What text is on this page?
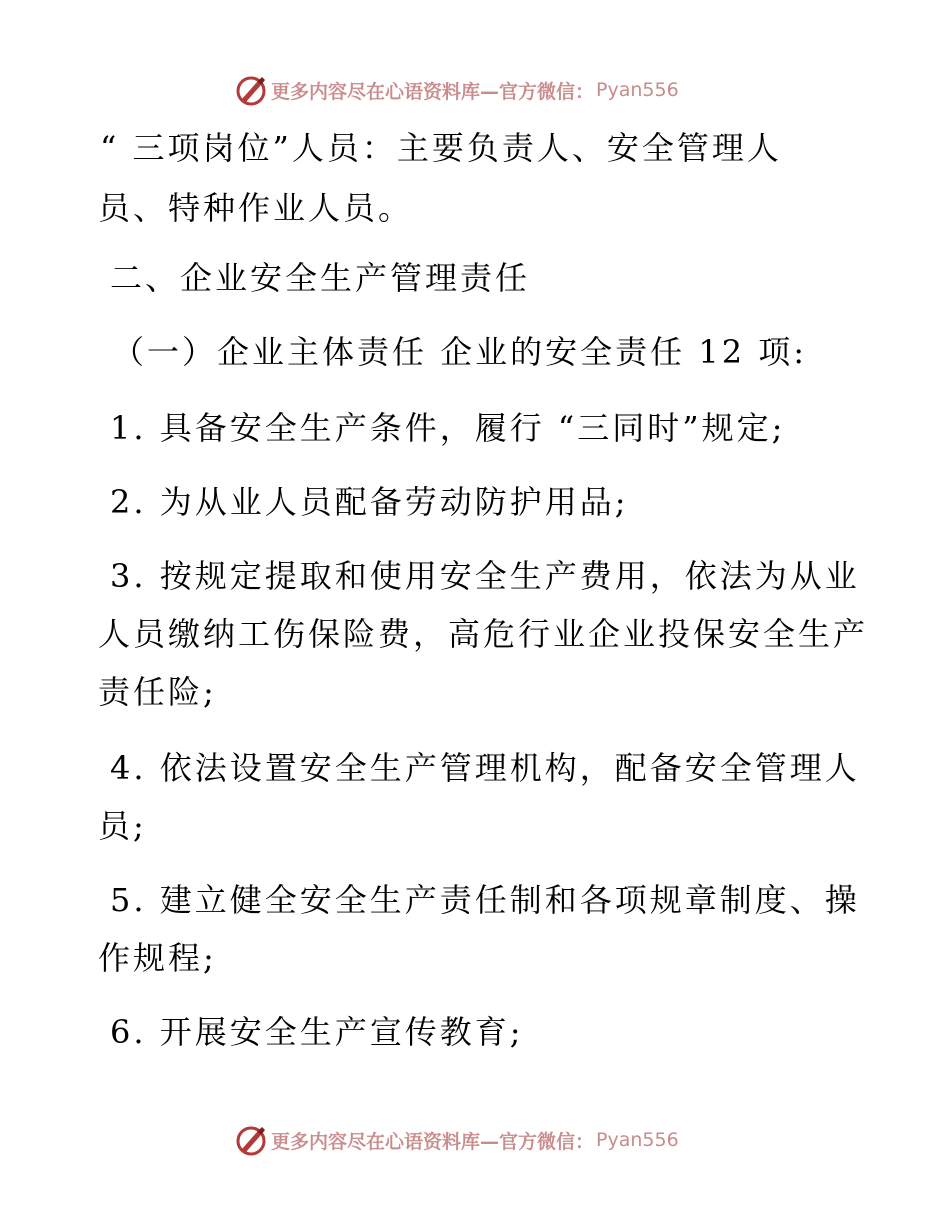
更多内容尽在心语资料库—官方微信： Pyan556
“ 三项岗位”人员：主要负责人、安全管理人
员、特种作业人员。
二、企业安全生产管理责任
（一）企业主体责任 企业的安全责任 12 项:
1. 具备安全生产条件，履行 “三同时”规定;
2. 为从业人员配备劳动防护用品;
3. 按规定提取和使用安全生产费用，依法为从业
人员缴纳工伤保险费，高危行业企业投保安全生产
责任险;
4. 依法设置安全生产管理机构，配备安全管理人
员;
5. 建立健全安全生产责任制和各项规章制度、操
作规程;
6. 开展安全生产宣传教育;
更多内容尽在心语资料库—官方微信： Pyan556
